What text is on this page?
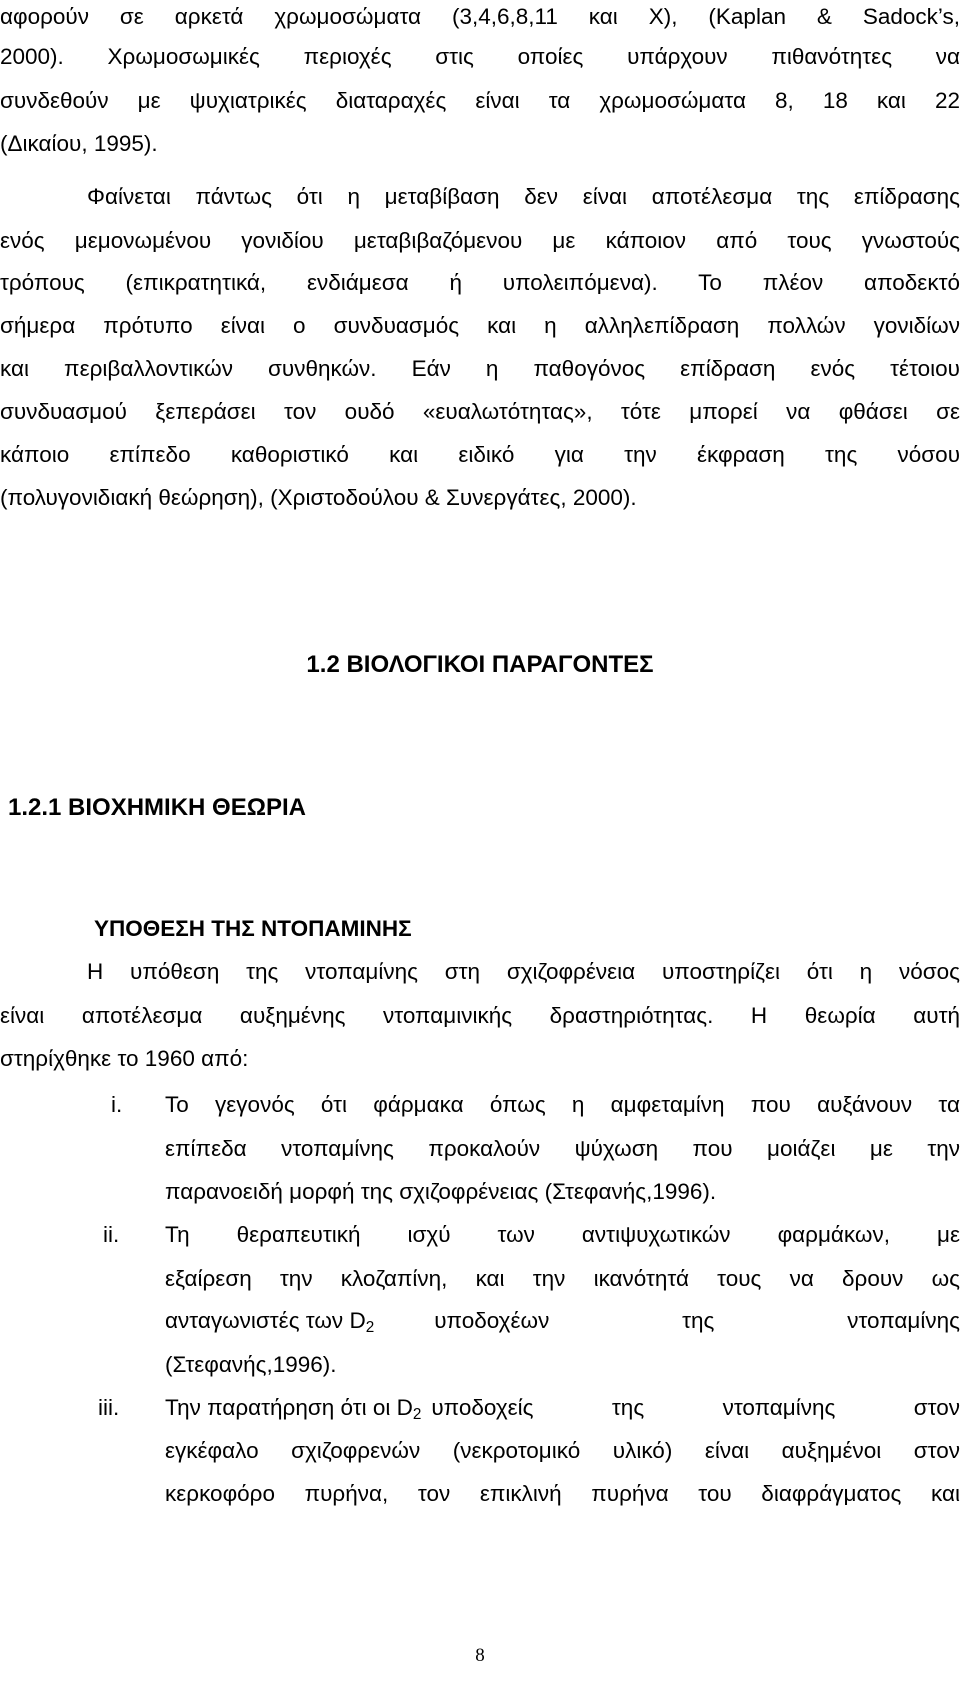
αφορούν σε αρκετά χρωμοσώματα (3,4,6,8,11 και X), (Kaplan & Sadock’s,
2000). Χρωμοσωμικές περιοχές στις οποίες υπάρχουν πιθανότητες να
συνδεθούν με ψυχιατρικές διαταραχές είναι τα χρωμοσώματα 8, 18 και 22
(Δικαίου, 1995).
Φαίνεται πάντως ότι η μεταβίβαση δεν είναι αποτέλεσμα της επίδρασης
ενός μεμονωμένου γονιδίου μεταβιβαζόμενου με κάποιον από τους γνωστούς
τρόπους (επικρατητικά, ενδιάμεσα ή υπολειπόμενα). Το πλέον αποδεκτό
σήμερα πρότυπο είναι ο συνδυασμός και η αλληλεπίδραση πολλών γονιδίων
και περιβαλλοντικών συνθηκών. Εάν η παθογόνος επίδραση ενός τέτοιου
συνδυασμού ξεπεράσει τον ουδό «ευαλωτότητας», τότε μπορεί να φθάσει σε
κάποιο επίπεδο καθοριστικό και ειδικό για την έκφραση της νόσου
(πολυγονιδιακή θεώρηση), (Χριστοδούλου & Συνεργάτες, 2000).
1.2 ΒΙΟΛΟΓΙΚΟΙ ΠΑΡΑΓΟΝΤΕΣ
1.2.1 ΒΙΟΧΗΜΙΚΗ ΘΕΩΡΙΑ
ΥΠΟΘΕΣΗ ΤΗΣ ΝΤΟΠΑΜΙΝΗΣ
Η υπόθεση της ντοπαμίνης στη σχιζοφρένεια υποστηρίζει ότι η νόσος
είναι αποτέλεσμα αυξημένης ντοπαμινικής δραστηριότητας. Η θεωρία αυτή
στηρίχθηκε το 1960 από:
i. Το γεγονός ότι φάρμακα όπως η αμφεταμίνη που αυξάνουν τα
επίπεδα ντοπαμίνης προκαλούν ψύχωση που μοιάζει με την
παρανοειδή μορφή της σχιζοφρένειας (Στεφανής,1996).
ii. Τη θεραπευτική ισχύ των αντιψυχωτικών φαρμάκων, με
εξαίρεση την κλοζαπίνη, και την ικανότητά τους να δρουν ως
ανταγωνιστές των $D_2$	υποδοχέων της ντοπαμίνης
(Στεφανής,1996).
iii. Την παρατήρηση ότι οι $D_2$ υποδοχείς της ντοπαμίνης στον
εγκέφαλο σχιζοφρενών (νεκροτομικό υλικό) είναι αυξημένοι στον
κερκοφόρο πυρήνα, τον επικλινή πυρήνα του διαφράγματος και
8
